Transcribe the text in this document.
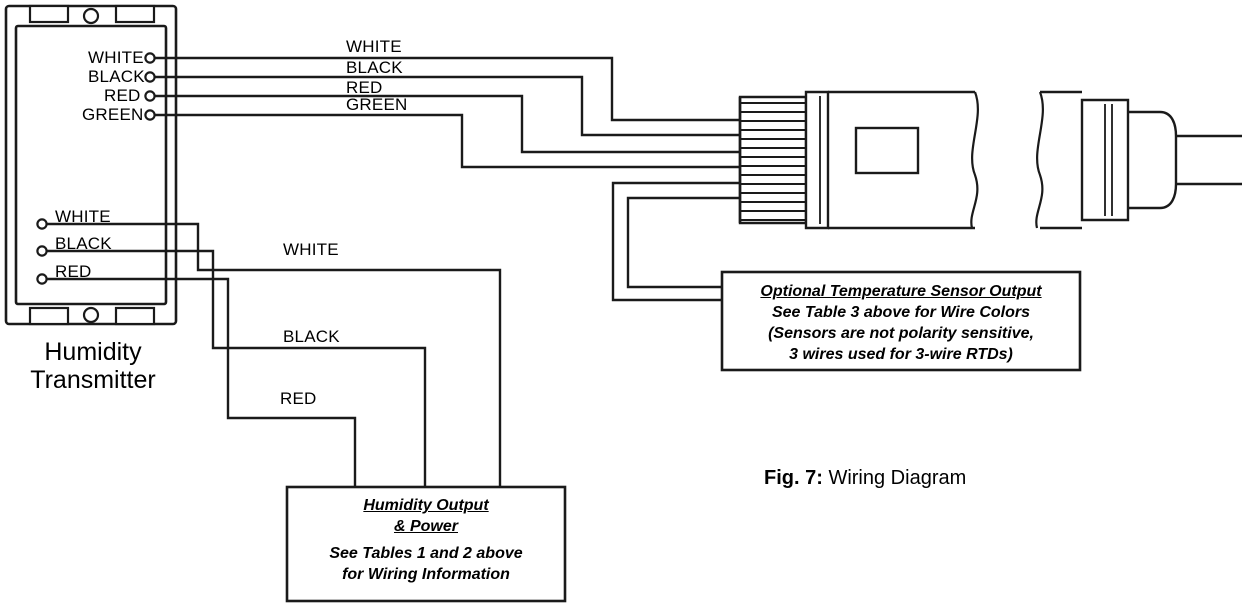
WHITE
BLACK
RED
GREEN
WHITE
BLACK
RED
WHITE
BLACK
RED
GREEN
WHITE
BLACK
RED
Humidity
Transmitter
Optional Temperature Sensor Output
See Table 3 above for Wire Colors
(Sensors are not polarity sensitive,
3 wires used for 3-wire RTDs)
Humidity Output
& Power
See Tables 1 and 2 above
for Wiring Information
Fig. 7: Wiring Diagram
